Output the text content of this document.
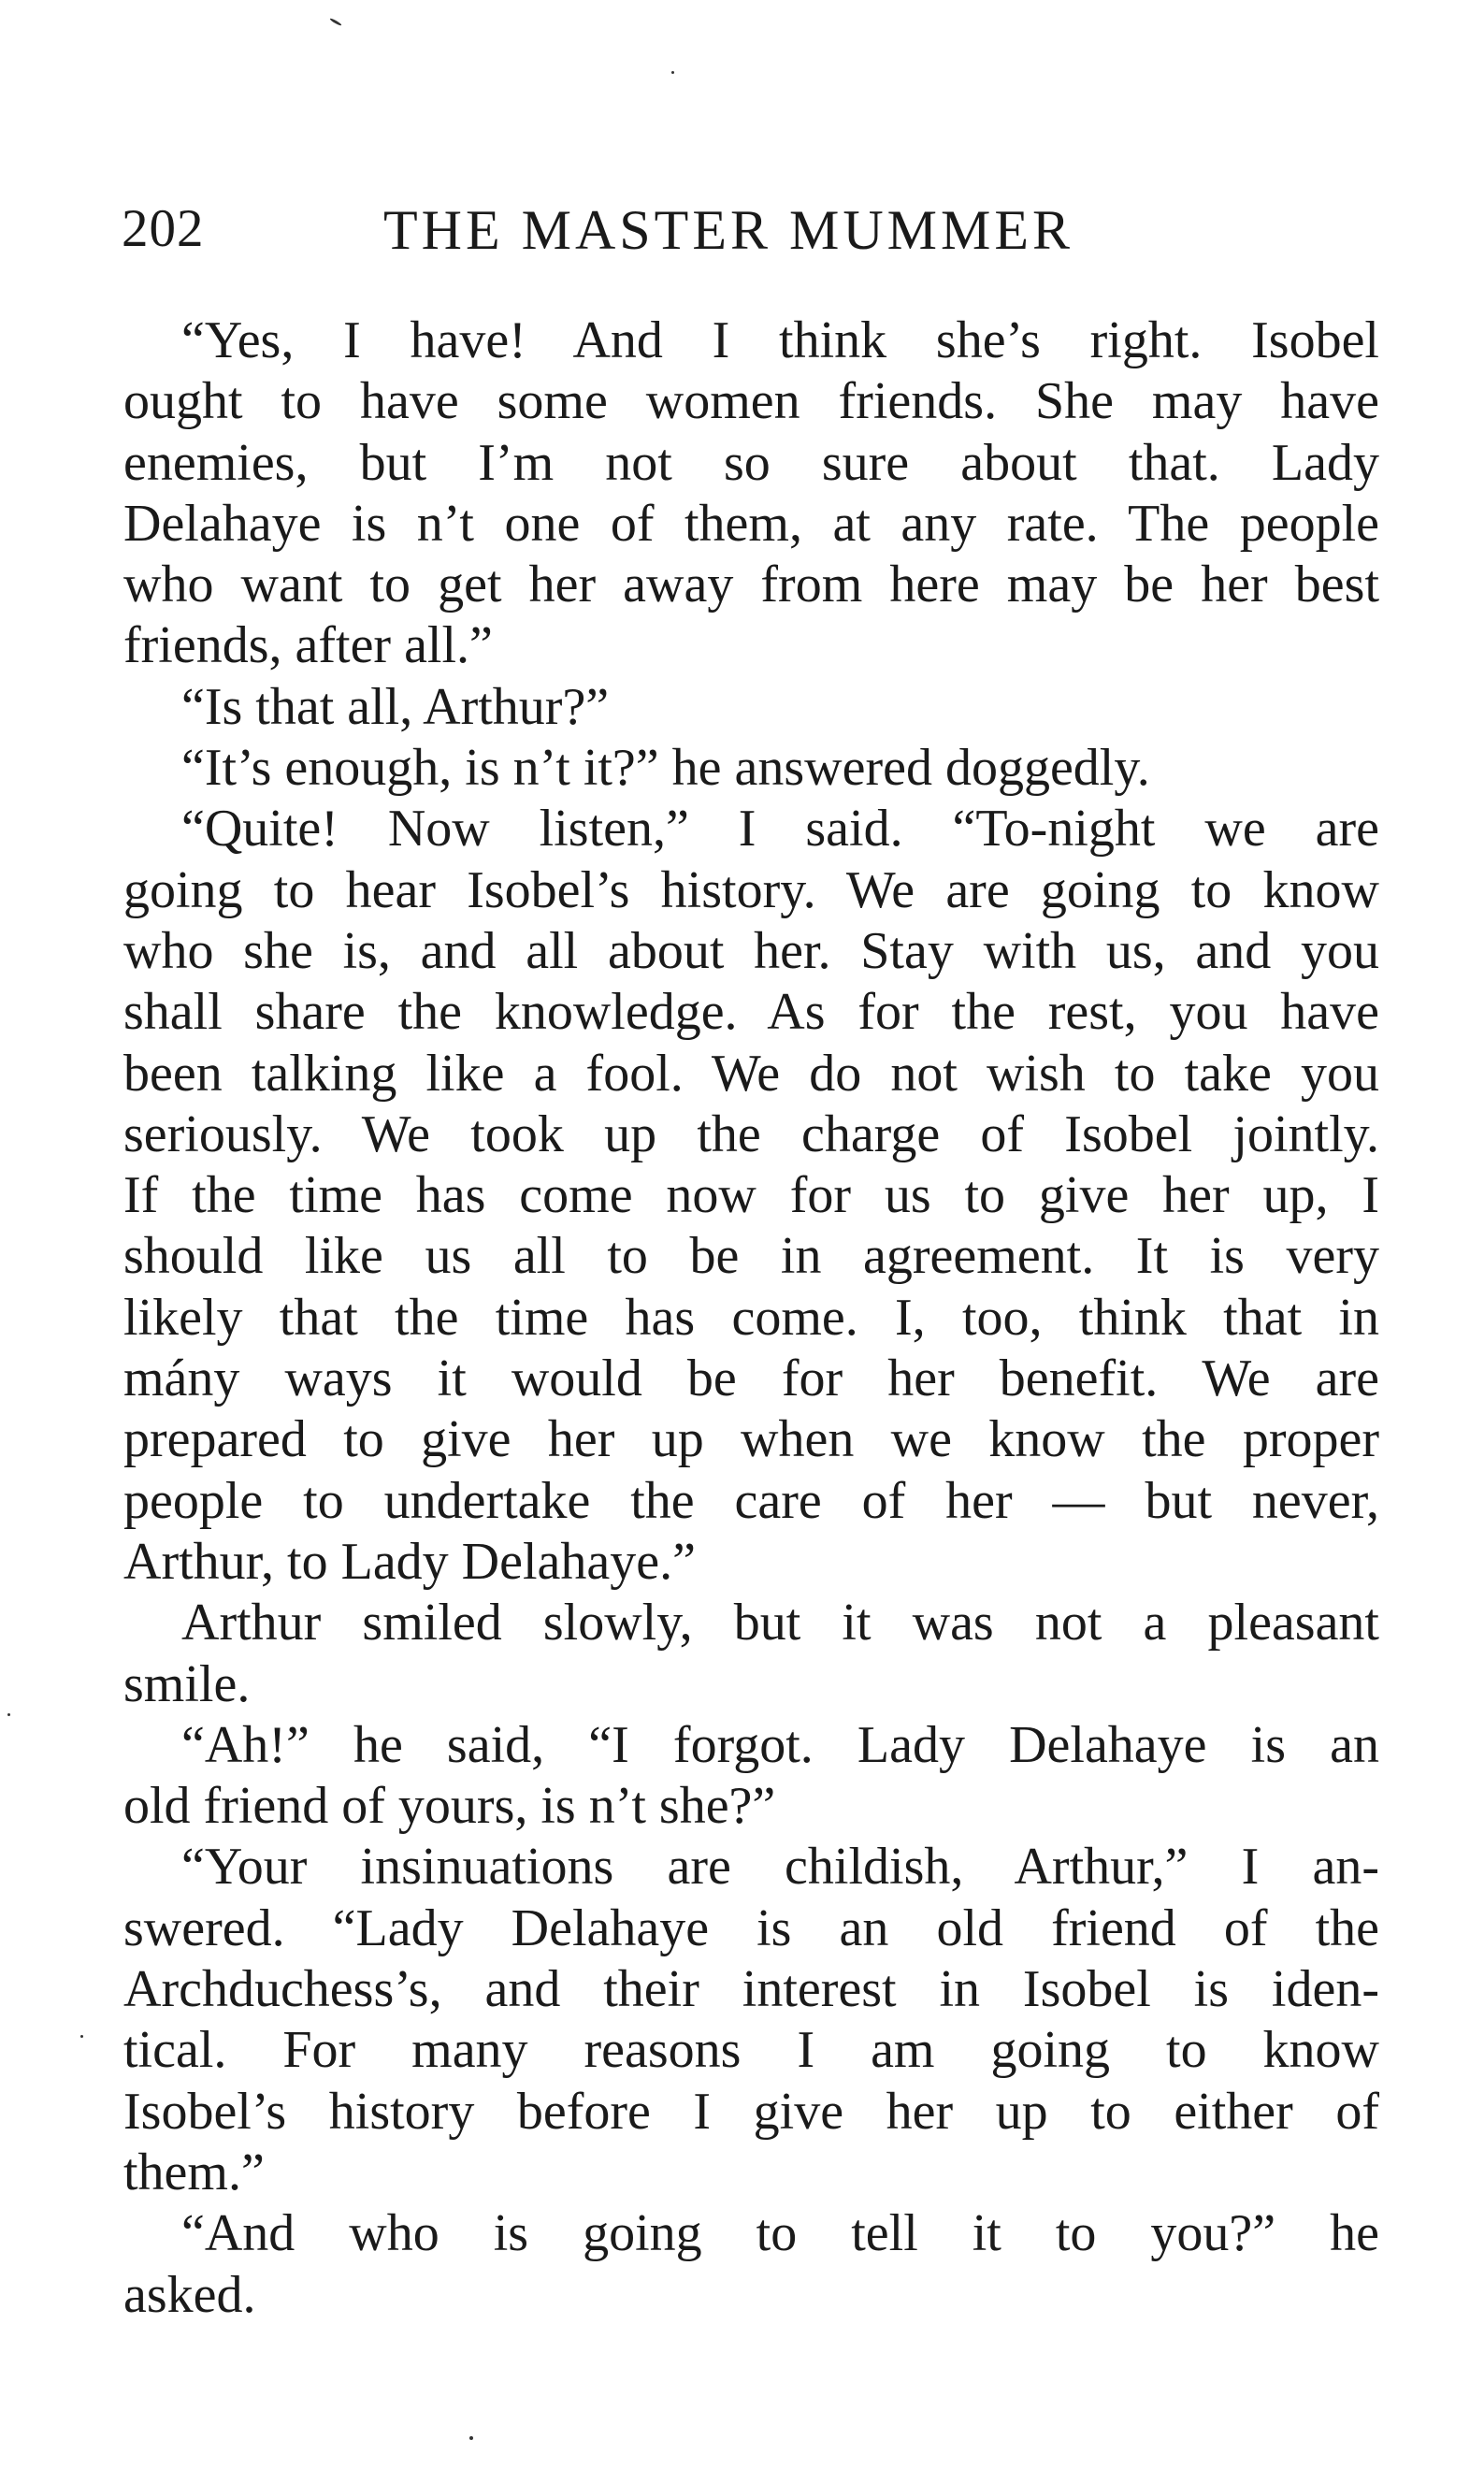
202	THE MASTER MUMMER
“Yes, I have! And I think she’s right. Isobel
ought to have some women friends. She may have
enemies, but I’m not so sure about that. Lady
Delahaye is n’t one of them, at any rate. The people
who want to get her away from here may be her best
friends, after all.”
“Is that all, Arthur?”
“It’s enough, is n’t it?” he answered doggedly.
“Quite! Now listen,” I said. “To-night we are
going to hear Isobel’s history. We are going to know
who she is, and all about her. Stay with us, and you
shall share the knowledge. As for the rest, you have
been talking like a fool. We do not wish to take you
seriously. We took up the charge of Isobel jointly.
If the time has come now for us to give her up, I
should like us all to be in agreement. It is very
likely that the time has come. I, too, think that in
mány ways it would be for her benefit. We are
prepared to give her up when we know the proper
people to undertake the care of her — but never,
Arthur, to Lady Delahaye.”
Arthur smiled slowly, but it was not a pleasant
smile.
“Ah!” he said, “I forgot. Lady Delahaye is an
old friend of yours, is n’t she?”
“Your insinuations are childish, Arthur,” I an-
swered. “Lady Delahaye is an old friend of the
Archduchess’s, and their interest in Isobel is iden-
tical. For many reasons I am going to know
Isobel’s history before I give her up to either of
them.”
“And who is going to tell it to you?” he
asked.
